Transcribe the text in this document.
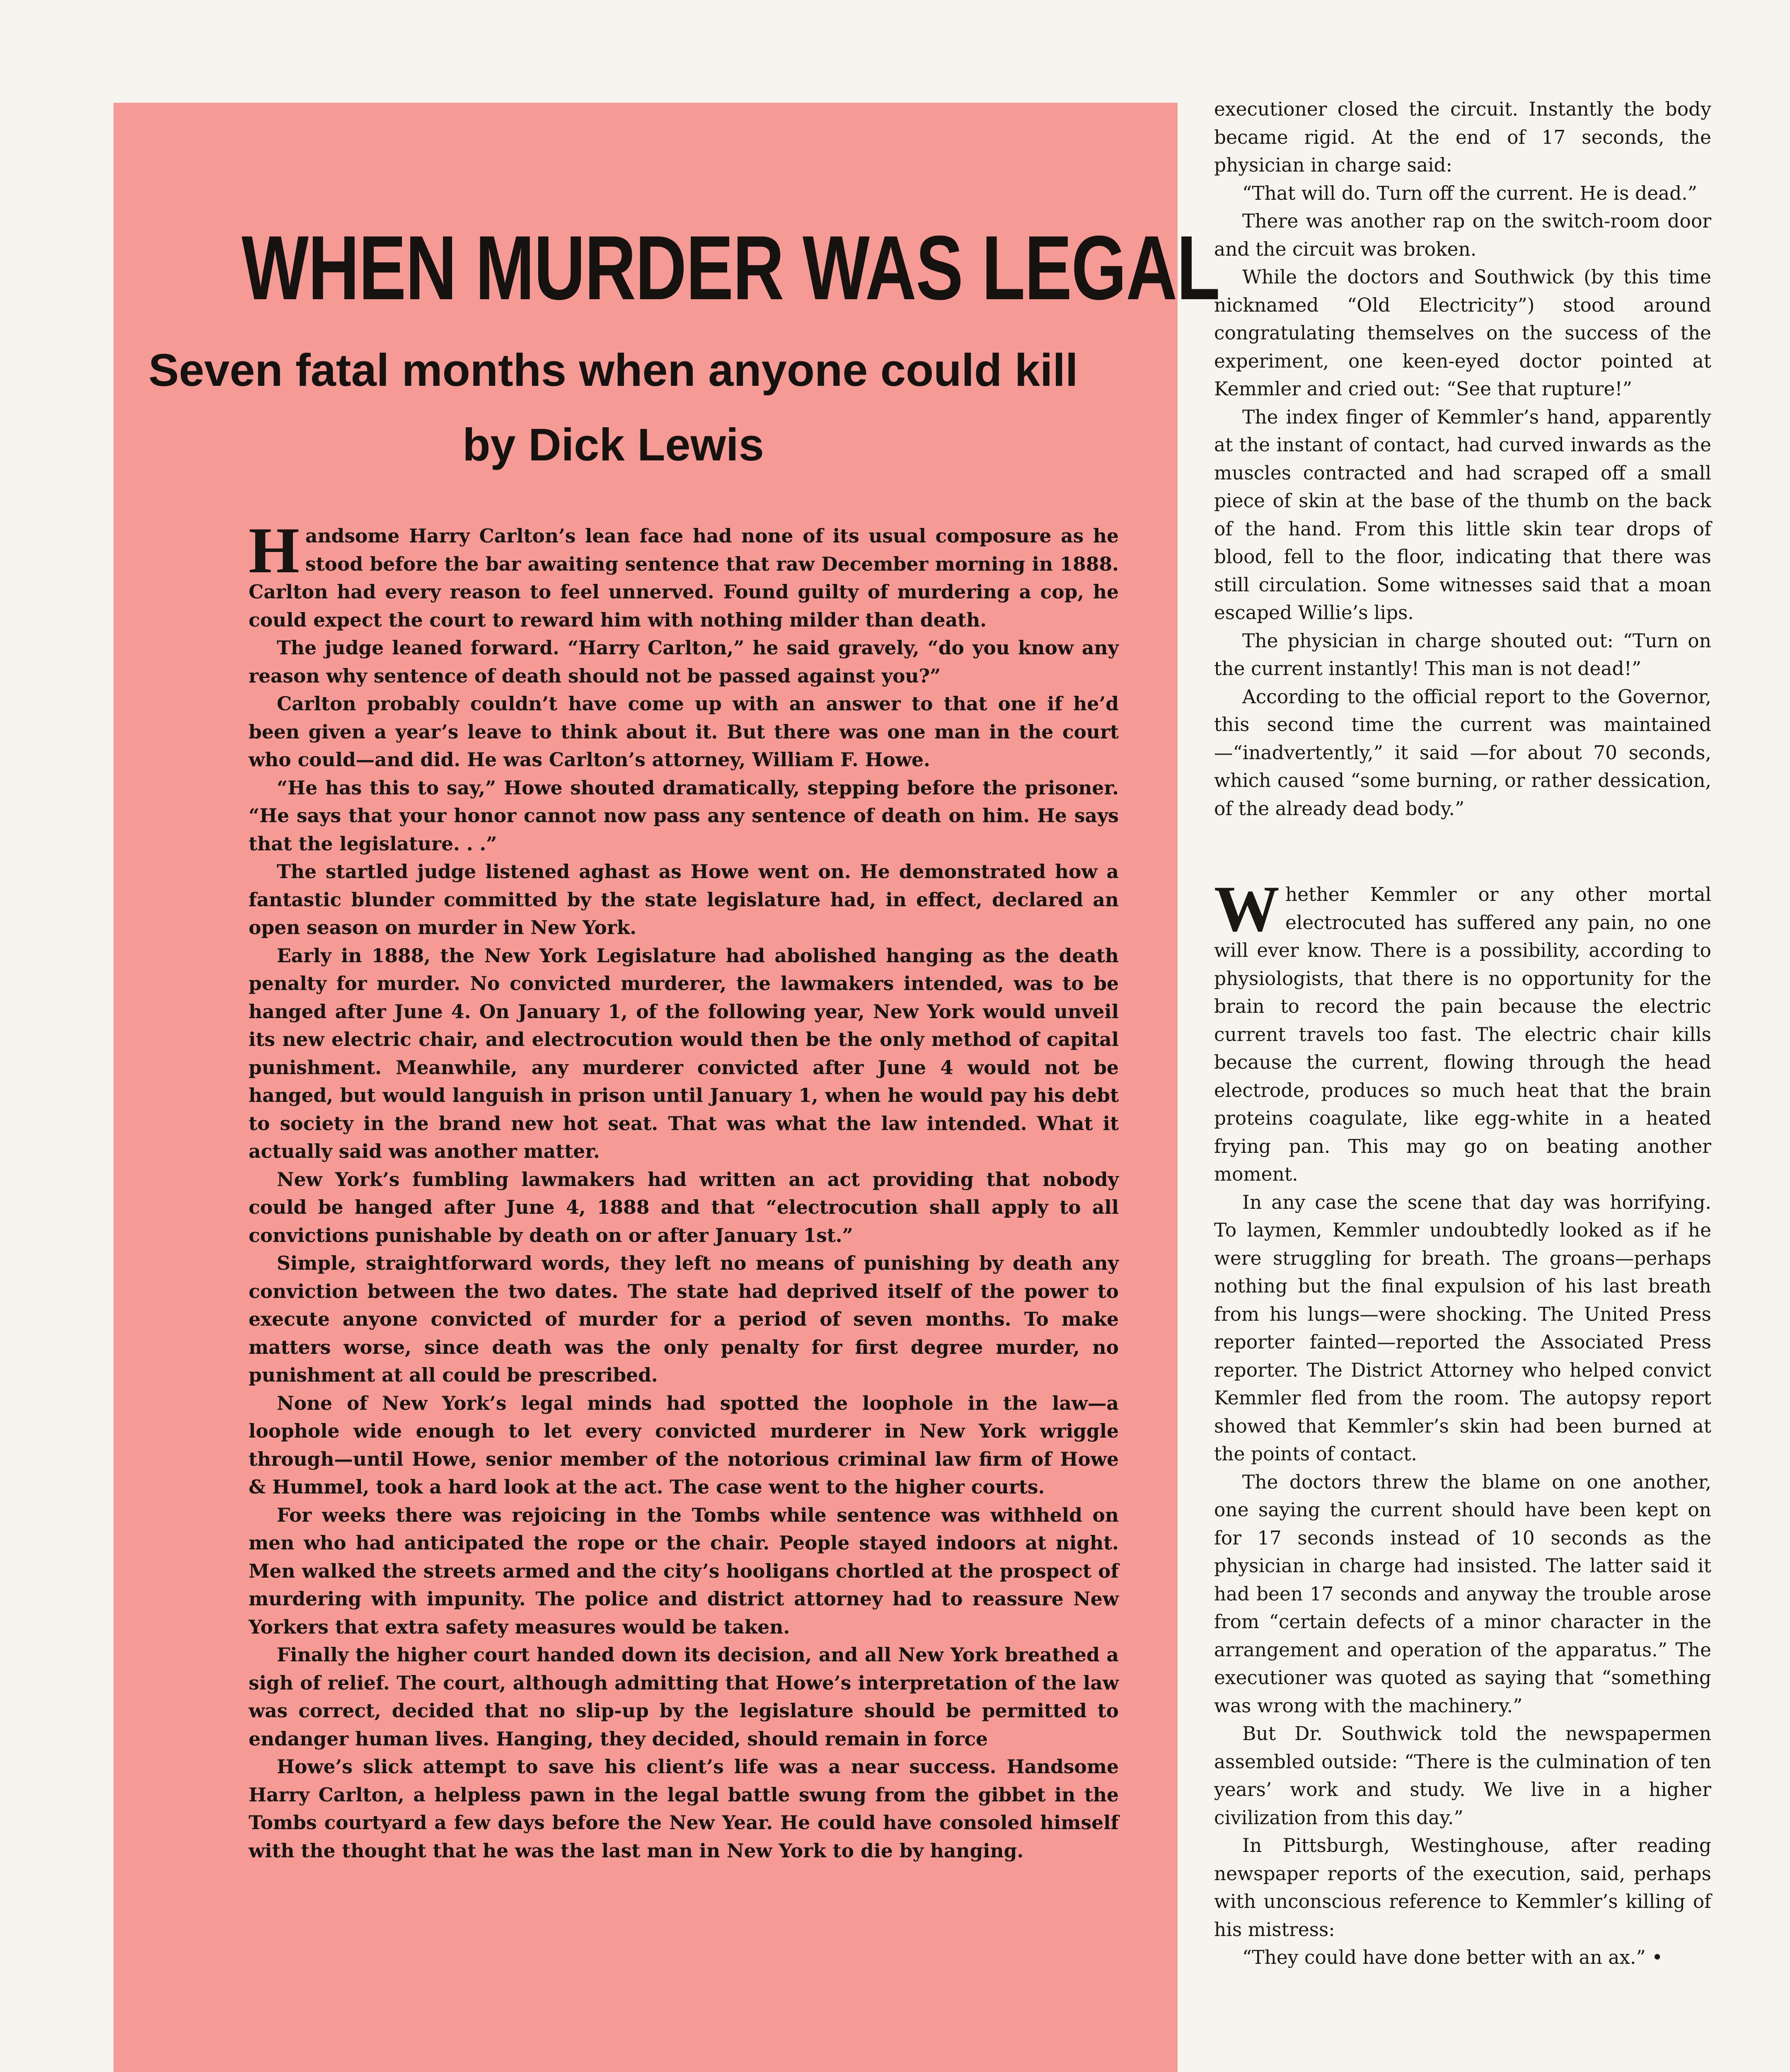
WHEN MURDER WAS LEGAL
Seven fatal months when anyone could kill
by Dick Lewis

Handsome Harry Carlton’s lean face had none of its usual composure as he stood before the bar awaiting sentence that raw December morning in 1888. Carlton had every reason to feel unnerved. Found guilty of murdering a cop, he could expect the court to reward him with nothing milder than death.

The judge leaned forward. “Harry Carlton,” he said gravely, “do you know any reason why sentence of death should not be passed against you?”

Carlton probably couldn’t have come up with an answer to that one if he’d been given a year’s leave to think about it. But there was one man in the court who could—and did. He was Carlton’s attorney, William F. Howe.

“He has this to say,” Howe shouted dramatically, stepping before the prisoner. “He says that your honor cannot now pass any sentence of death on him. He says that the legislature. . .”

The startled judge listened aghast as Howe went on. He demonstrated how a fantastic blunder committed by the state legislature had, in effect, declared an open season on murder in New York.

Early in 1888, the New York Legislature had abolished hanging as the death penalty for murder. No convicted murderer, the lawmakers intended, was to be hanged after June 4. On January 1, of the following year, New York would unveil its new electric chair, and electrocution would then be the only method of capital punishment. Meanwhile, any murderer convicted after June 4 would not be hanged, but would languish in prison until January 1, when he would pay his debt to society in the brand new hot seat. That was what the law intended. What it actually said was another matter.

New York’s fumbling lawmakers had written an act providing that nobody could be hanged after June 4, 1888 and that “electrocution shall apply to all convictions punishable by death on or after January 1st.”

Simple, straightforward words, they left no means of punishing by death any conviction between the two dates. The state had deprived itself of the power to execute anyone convicted of murder for a period of seven months. To make matters worse, since death was the only penalty for first degree murder, no punishment at all could be prescribed.

None of New York’s legal minds had spotted the loophole in the law—a loophole wide enough to let every convicted murderer in New York wriggle through—until Howe, senior member of the notorious criminal law firm of Howe & Hummel, took a hard look at the act. The case went to the higher courts.

For weeks there was rejoicing in the Tombs while sentence was withheld on men who had anticipated the rope or the chair. People stayed indoors at night. Men walked the streets armed and the city’s hooligans chortled at the prospect of murdering with impunity. The police and district attorney had to reassure New Yorkers that extra safety measures would be taken.

Finally the higher court handed down its decision, and all New York breathed a sigh of relief. The court, although admitting that Howe’s interpretation of the law was correct, decided that no slip-up by the legislature should be permitted to endanger human lives. Hanging, they decided, should remain in force

Howe’s slick attempt to save his client’s life was a near success. Handsome Harry Carlton, a helpless pawn in the legal battle swung from the gibbet in the Tombs courtyard a few days before the New Year. He could have consoled himself with the thought that he was the last man in New York to die by hanging.

executioner closed the circuit. Instantly the body became rigid. At the end of 17 seconds, the physician in charge said:

“That will do. Turn off the current. He is dead.”

There was another rap on the switch-room door and the circuit was broken.

While the doctors and Southwick (by this time nicknamed “Old Electricity”) stood around congratulating themselves on the success of the experiment, one keen-eyed doctor pointed at Kemmler and cried out: “See that rupture!”

The index finger of Kemmler’s hand, apparently at the instant of contact, had curved inwards as the muscles contracted and had scraped off a small piece of skin at the base of the thumb on the back of the hand. From this little skin tear drops of blood, fell to the floor, indicating that there was still circulation. Some witnesses said that a moan escaped Willie’s lips.

The physician in charge shouted out: “Turn on the current instantly! This man is not dead!”

According to the official report to the Governor, this second time the current was maintained—“inadvertently,” it said —for about 70 seconds, which caused “some burning, or rather dessication, of the already dead body.”

Whether Kemmler or any other mortal electrocuted has suffered any pain, no one will ever know. There is a possibility, according to physiologists, that there is no opportunity for the brain to record the pain because the electric current travels too fast. The electric chair kills because the current, flowing through the head electrode, produces so much heat that the brain proteins coagulate, like egg-white in a heated frying pan. This may go on beating another moment.

In any case the scene that day was horrifying. To laymen, Kemmler undoubtedly looked as if he were struggling for breath. The groans—perhaps nothing but the final expulsion of his last breath from his lungs—were shocking. The United Press reporter fainted—reported the Associated Press reporter. The District Attorney who helped convict Kemmler fled from the room. The autopsy report showed that Kemmler’s skin had been burned at the points of contact.

The doctors threw the blame on one another, one saying the current should have been kept on for 17 seconds instead of 10 seconds as the physician in charge had insisted. The latter said it had been 17 seconds and anyway the trouble arose from “certain defects of a minor character in the arrangement and operation of the apparatus.” The executioner was quoted as saying that “something was wrong with the machinery.”

But Dr. Southwick told the newspapermen assembled outside: “There is the culmination of ten years’ work and study. We live in a higher civilization from this day.”

In Pittsburgh, Westinghouse, after reading newspaper reports of the execution, said, perhaps with unconscious reference to Kemmler’s killing of his mistress:

“They could have done better with an ax.” •
